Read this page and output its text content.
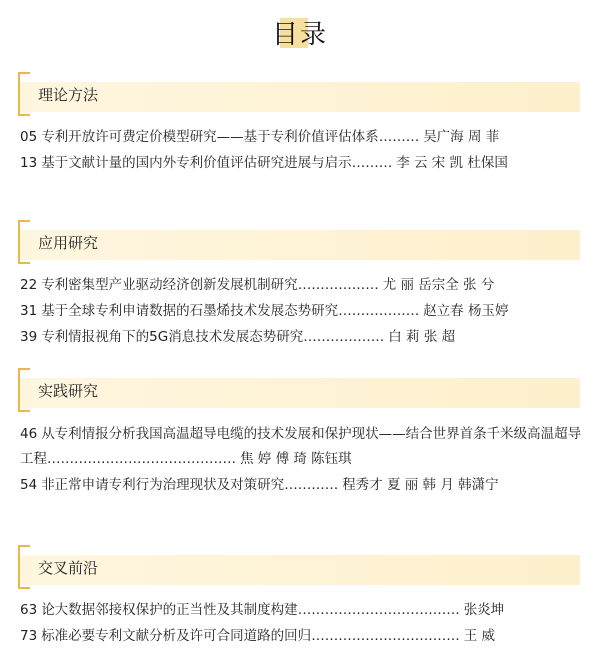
目录
理论方法
05 专利开放许可费定价模型研究——基于专利价值评估体系……… 吴广海 周 菲
13 基于文献计量的国内外专利价值评估研究进展与启示……… 李 云 宋 凯 杜保国
应用研究
22 专利密集型产业驱动经济创新发展机制研究……………… 尤 丽 岳宗全 张 兮
31 基于全球专利申请数据的石墨烯技术发展态势研究……………… 赵立春 杨玉婷
39 专利情报视角下的5G消息技术发展态势研究……………… 白 莉 张 超
实践研究
46 从专利情报分析我国高温超导电缆的技术发展和保护现状——结合世界首条千米级高温超导工程…………………………………… 焦 婷 傅 琦 陈钰琪
54 非正常申请专利行为治理现状及对策研究………… 程秀才 夏 丽 韩 月 韩潇宁
交叉前沿
63 论大数据邻接权保护的正当性及其制度构建……………………………… 张炎坤
73 标准必要专利文献分析及许可合同道路的回归…………………………… 王 威
